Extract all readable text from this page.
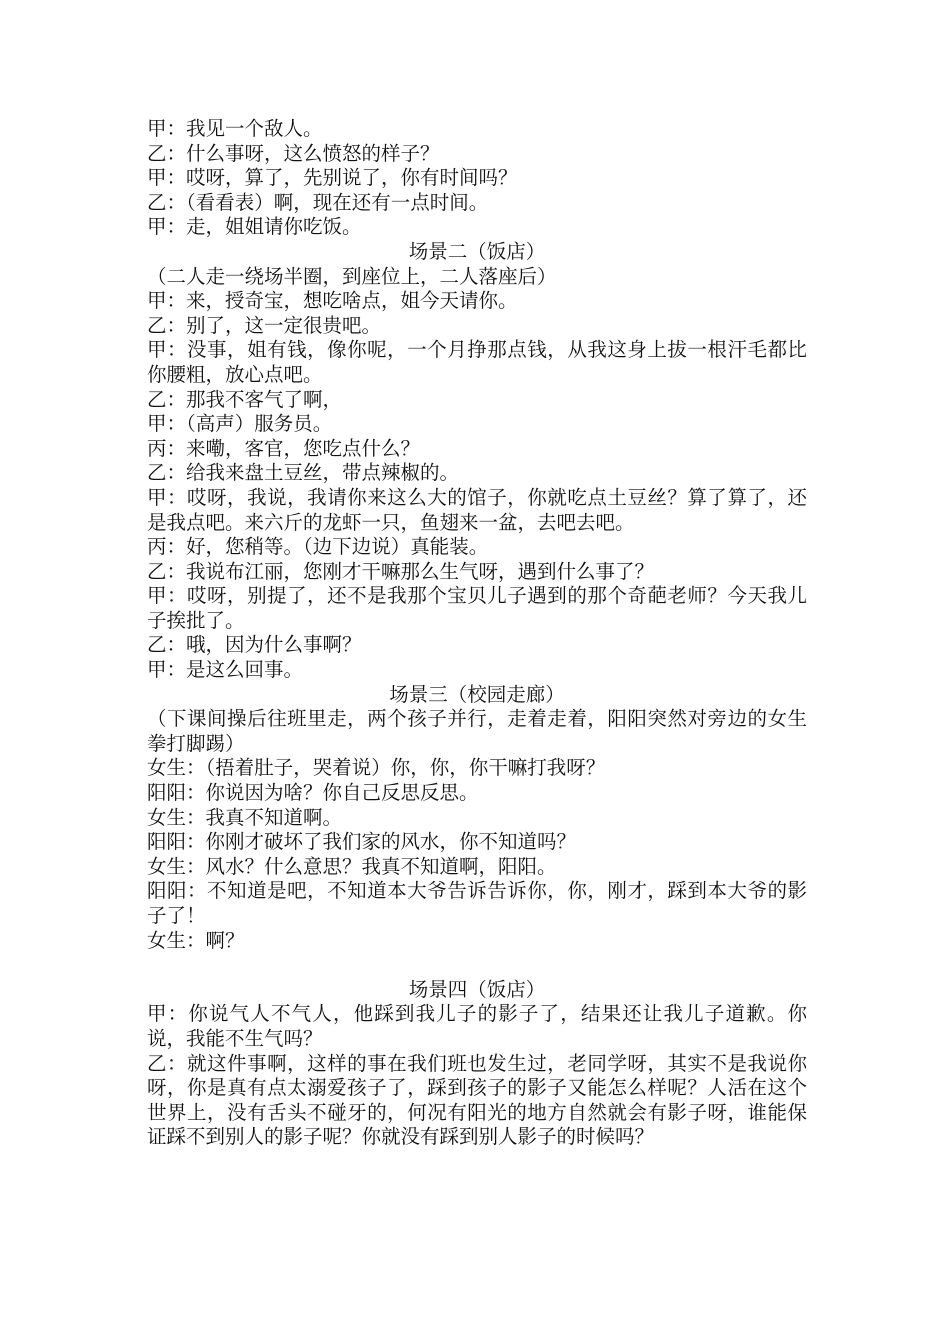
甲：我见一个敌人。
乙：什么事呀，这么愤怒的样子？
甲：哎呀，算了，先别说了，你有时间吗？
乙：（看看表）啊，现在还有一点时间。
甲：走，姐姐请你吃饭。
场景二（饭店）
（二人走一绕场半圈，到座位上，二人落座后）
甲：来，授奇宝，想吃啥点，姐今天请你。
乙：别了，这一定很贵吧。
甲：没事，姐有钱，像你呢，一个月挣那点钱，从我这身上拔一根汗毛都比你腰粗，放心点吧。
乙：那我不客气了啊，
甲：（高声）服务员。
丙：来嘞，客官，您吃点什么？
乙：给我来盘土豆丝，带点辣椒的。
甲：哎呀，我说，我请你来这么大的馆子，你就吃点土豆丝？算了算了，还是我点吧。来六斤的龙虾一只，鱼翅来一盆，去吧去吧。
丙：好，您稍等。（边下边说）真能装。
乙：我说布江丽，您刚才干嘛那么生气呀，遇到什么事了？
甲：哎呀，别提了，还不是我那个宝贝儿子遇到的那个奇葩老师？今天我儿子挨批了。
乙：哦，因为什么事啊？
甲：是这么回事。
场景三（校园走廊）
（下课间操后往班里走，两个孩子并行，走着走着，阳阳突然对旁边的女生拳打脚踢）
女生：（捂着肚子，哭着说）你，你，你干嘛打我呀？
阳阳：你说因为啥？你自己反思反思。
女生：我真不知道啊。
阳阳：你刚才破坏了我们家的风水，你不知道吗？
女生：风水？什么意思？我真不知道啊，阳阳。
阳阳：不知道是吧，不知道本大爷告诉告诉你，你，刚才，踩到本大爷的影子了！
女生：啊？
场景四（饭店）
甲：你说气人不气人，他踩到我儿子的影子了，结果还让我儿子道歉。你说，我能不生气吗？
乙：就这件事啊，这样的事在我们班也发生过，老同学呀，其实不是我说你呀，你是真有点太溺爱孩子了，踩到孩子的影子又能怎么样呢？人活在这个世界上，没有舌头不碰牙的，何况有阳光的地方自然就会有影子呀，谁能保证踩不到别人的影子呢？你就没有踩到别人影子的时候吗？
